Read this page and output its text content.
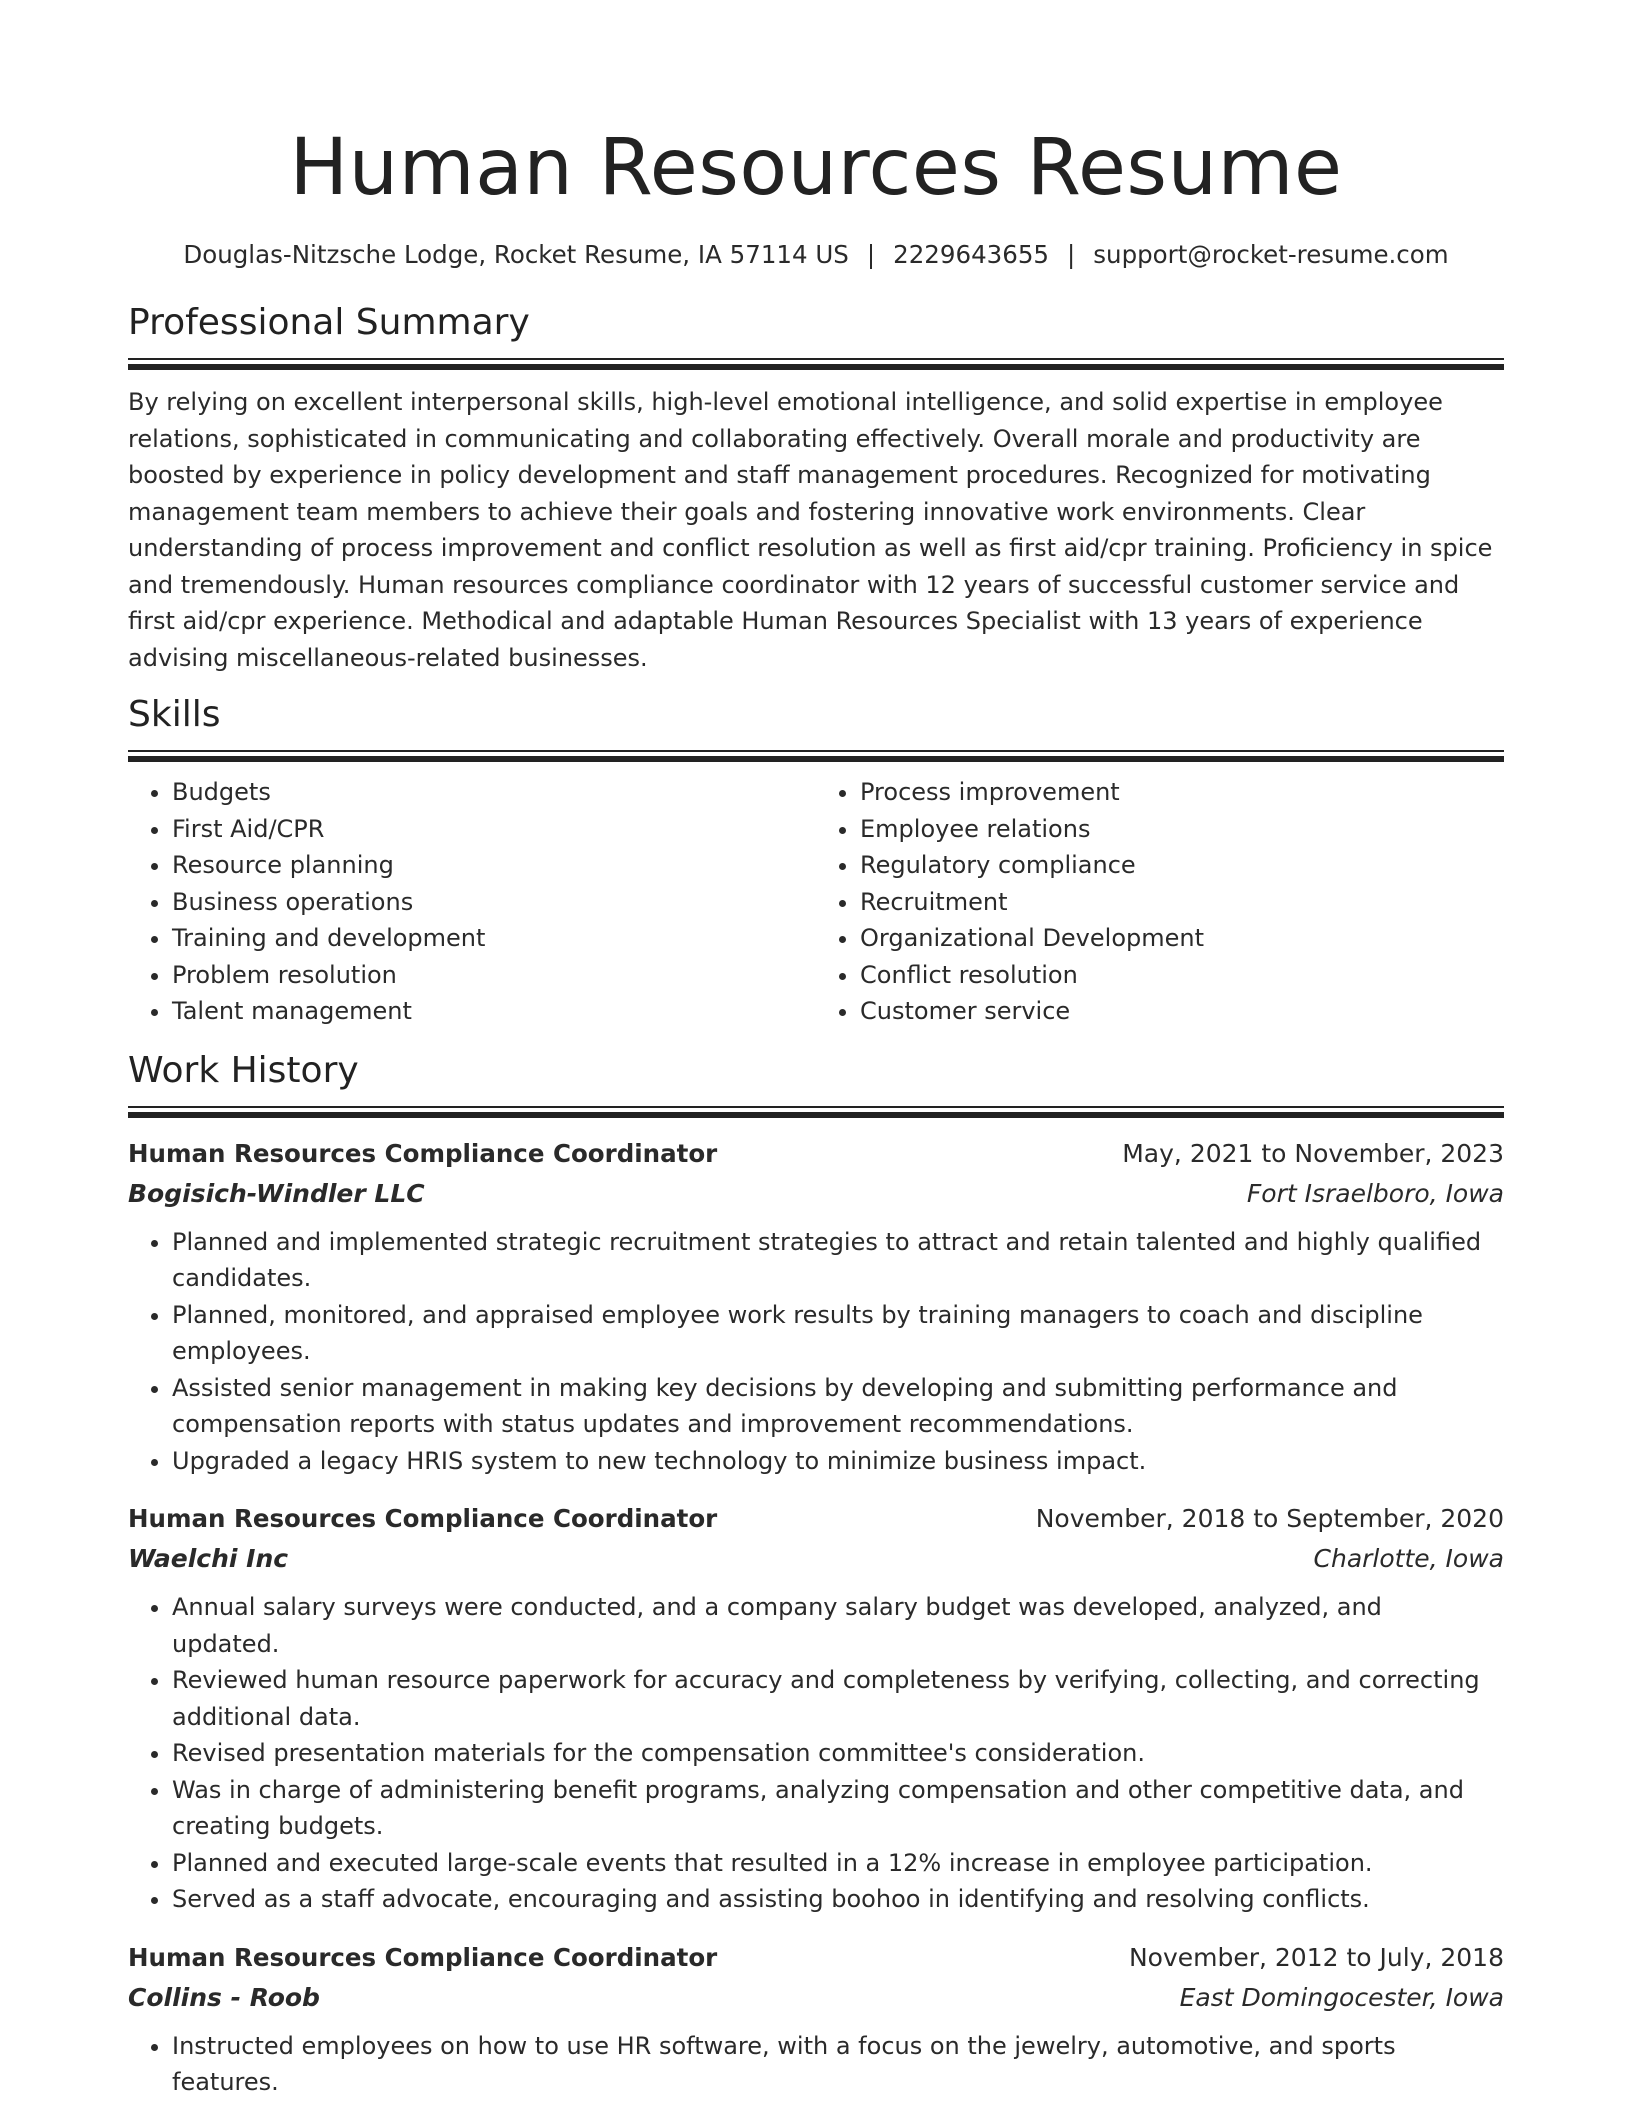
Human Resources Resume
Douglas-Nitzsche Lodge, Rocket Resume, IA 57114 US | 2229643655 | support@rocket-resume.com
Professional Summary

By relying on excellent interpersonal skills, high-level emotional intelligence, and solid expertise in employee relations, sophisticated in communicating and collaborating effectively. Overall morale and productivity are boosted by experience in policy development and staff management procedures. Recognized for motivating management team members to achieve their goals and fostering innovative work environments. Clear understanding of process improvement and conflict resolution as well as first aid/cpr training. Proficiency in spice and tremendously. Human resources compliance coordinator with 12 years of successful customer service and first aid/cpr experience. Methodical and adaptable Human Resources Specialist with 13 years of experience advising miscellaneous-related businesses.

Skills
• Budgets
• First Aid/CPR
• Resource planning
• Business operations
• Training and development
• Problem resolution
• Talent management
• Process improvement
• Employee relations
• Regulatory compliance
• Recruitment
• Organizational Development
• Conflict resolution
• Customer service
Work History
Human Resources Compliance Coordinator	May, 2021 to November, 2023
Bogisich-Windler LLC	Fort Israelboro, Iowa
• Planned and implemented strategic recruitment strategies to attract and retain talented and highly qualified candidates.
• Planned, monitored, and appraised employee work results by training managers to coach and discipline employees.
• Assisted senior management in making key decisions by developing and submitting performance and compensation reports with status updates and improvement recommendations.
• Upgraded a legacy HRIS system to new technology to minimize business impact.
Human Resources Compliance Coordinator	November, 2018 to September, 2020
Waelchi Inc	Charlotte, Iowa
• Annual salary surveys were conducted, and a company salary budget was developed, analyzed, and updated.
• Reviewed human resource paperwork for accuracy and completeness by verifying, collecting, and correcting additional data.
• Revised presentation materials for the compensation committee's consideration.
• Was in charge of administering benefit programs, analyzing compensation and other competitive data, and creating budgets.
• Planned and executed large-scale events that resulted in a 12% increase in employee participation.
• Served as a staff advocate, encouraging and assisting boohoo in identifying and resolving conflicts.
Human Resources Compliance Coordinator	November, 2012 to July, 2018
Collins - Roob	East Domingocester, Iowa
• Instructed employees on how to use HR software, with a focus on the jewelry, automotive, and sports features.
